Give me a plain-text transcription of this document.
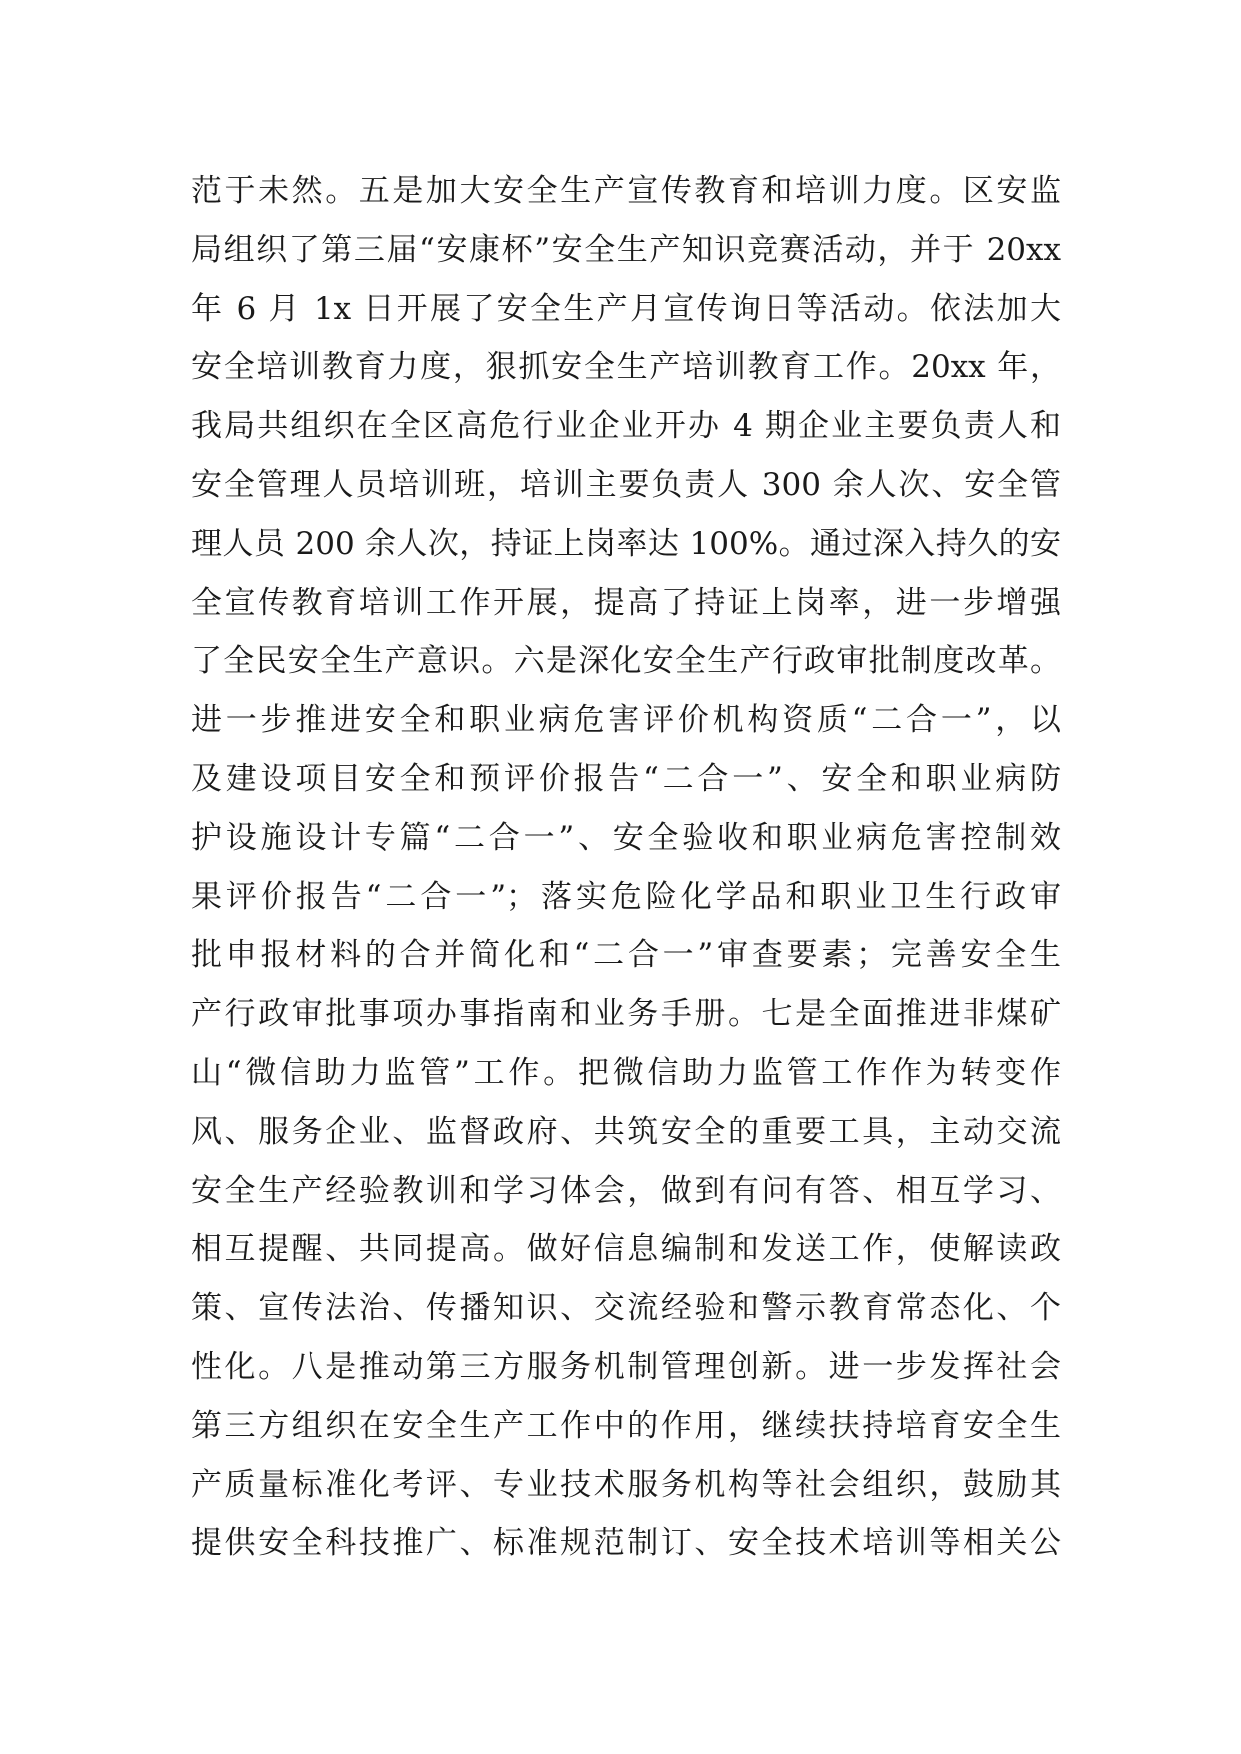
范于未然。五是加大安全生产宣传教育和培训力度。区安监
局组织了第三届“安康杯”安全生产知识竞赛活动，并于 20xx
年 6 月 1x 日开展了安全生产月宣传询日等活动。依法加大
安全培训教育力度，狠抓安全生产培训教育工作。20xx 年，
我局共组织在全区高危行业企业开办 4 期企业主要负责人和
安全管理人员培训班，培训主要负责人 300 余人次、安全管
理人员 200 余人次，持证上岗率达 100%。通过深入持久的安
全宣传教育培训工作开展，提高了持证上岗率，进一步增强
了全民安全生产意识。六是深化安全生产行政审批制度改革。
进一步推进安全和职业病危害评价机构资质“二合一”，以
及建设项目安全和预评价报告“二合一”、安全和职业病防
护设施设计专篇“二合一”、安全验收和职业病危害控制效
果评价报告“二合一”；落实危险化学品和职业卫生行政审
批申报材料的合并简化和“二合一”审查要素；完善安全生
产行政审批事项办事指南和业务手册。七是全面推进非煤矿
山“微信助力监管”工作。把微信助力监管工作作为转变作
风、服务企业、监督政府、共筑安全的重要工具，主动交流
安全生产经验教训和学习体会，做到有问有答、相互学习、
相互提醒、共同提高。做好信息编制和发送工作，使解读政
策、宣传法治、传播知识、交流经验和警示教育常态化、个
性化。八是推动第三方服务机制管理创新。进一步发挥社会
第三方组织在安全生产工作中的作用，继续扶持培育安全生
产质量标准化考评、专业技术服务机构等社会组织，鼓励其
提供安全科技推广、标准规范制订、安全技术培训等相关公
